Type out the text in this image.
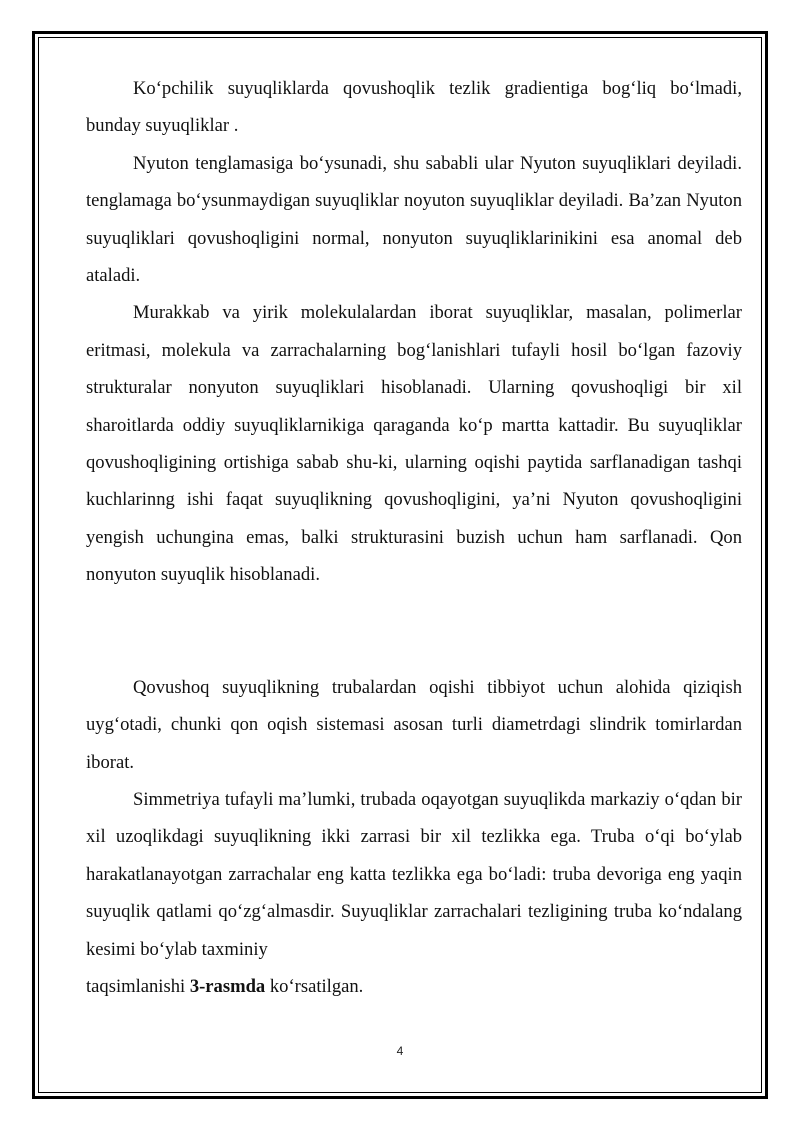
Ko‘pchilik suyuqliklarda qovushoqlik tezlik gradientiga bog‘liq bo‘lmadi, bunday suyuqliklar .

Nyuton tenglamasiga bo‘ysunadi, shu sababli ular Nyuton suyuqliklari deyiladi. tenglamaga bo‘ysunmaydigan suyuqliklar noyuton suyuqliklar deyiladi. Ba’zan Nyuton suyuqliklari qovushoqligini normal, nonyuton suyuqliklarinikini esa anomal deb ataladi.

Murakkab va yirik molekulalardan iborat suyuqliklar, masalan, polimerlar eritmasi, molekula va zarrachalarning bog‘lanishlari tufayli hosil bo‘lgan fazoviy strukturalar nonyuton suyuqliklari hisoblanadi. Ularning qovushoqligi bir xil sharoitlarda oddiy suyuqliklarnikiga qaraganda ko‘p martta kattadir. Bu suyuqliklar qovushoqligining ortishiga sabab shu-ki, ularning oqishi paytida sarflanadigan tashqi kuchlarinng ishi faqat suyuqlikning qovushoqligini, ya’ni Nyuton qovushoqligini yengish uchungina emas, balki strukturasini buzish uchun ham sarflanadi. Qon nonyuton suyuqlik hisoblanadi.

Qovushoq suyuqlikning trubalardan oqishi tibbiyot uchun alohida qiziqish uyg‘otadi, chunki qon oqish sistemasi asosan turli diametrdagi slindrik tomirlardan iborat.

Simmetriya tufayli ma’lumki, trubada oqayotgan suyuqlikda markaziy o‘qdan bir xil uzoqlikdagi suyuqlikning ikki zarrasi bir xil tezlikka ega. Truba o‘qi bo‘ylab harakatlanayotgan zarrachalar eng katta tezlikka ega bo‘ladi: truba devoriga eng yaqin suyuqlik qatlami qo‘zg‘almasdir. Suyuqliklar zarrachalari tezligining truba ko‘ndalang kesimi bo‘ylab taxminiy

taqsimlanishi 3-rasmda ko‘rsatilgan.

4
